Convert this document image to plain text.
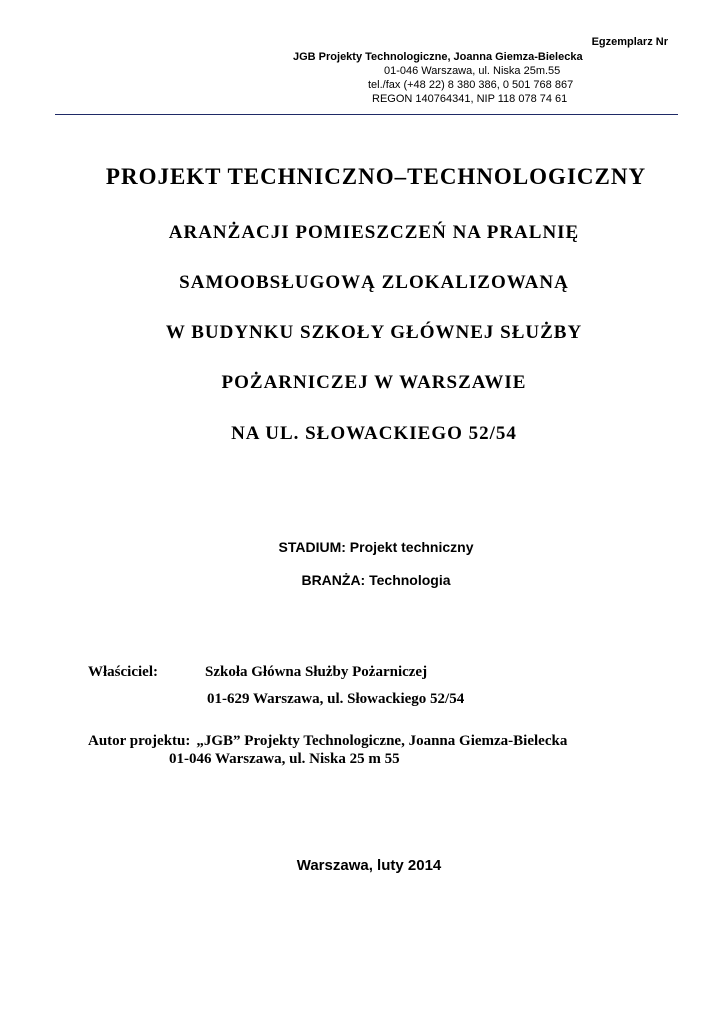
Egzemplarz Nr
JGB Projekty Technologiczne, Joanna Giemza-Bielecka
01-046 Warszawa, ul. Niska 25m.55
tel./fax (+48 22) 8 380 386, 0 501 768 867
REGON 140764341, NIP 118 078 74 61
PROJEKT TECHNICZNO–TECHNOLOGICZNY
ARANŻACJI POMIESZCZEŃ NA PRALNIĘ
SAMOOBSŁUGOWĄ ZLOKALIZOWANĄ
W BUDYNKU SZKOŁY GŁÓWNEJ SŁUŻBY
POŻARNICZEJ W WARSZAWIE
NA UL. SŁOWACKIEGO 52/54
STADIUM: Projekt techniczny
BRANŻA: Technologia
Właściciel:	Szkoła Główna Służby Pożarniczej
01-629 Warszawa, ul. Słowackiego 52/54
Autor projektu: „JGB” Projekty Technologiczne, Joanna Giemza-Bielecka
01-046 Warszawa, ul. Niska 25 m 55
Warszawa, luty 2014
